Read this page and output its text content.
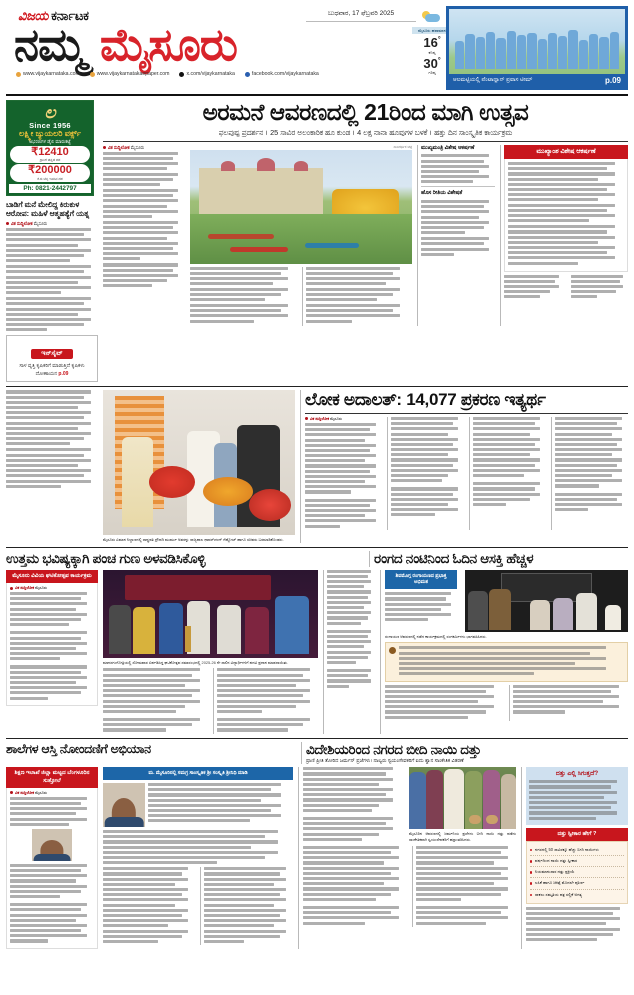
ವಿಜಯ ಕರ್ನಾಟಕ
ನಮ್ಮ ಮೈಸೂರು
www.vijaykarnataka.com	www.vijaykarnatakaepaper.com	x.com/vijaykarnataka	facebook.com/vijaykarnataka
ಬುಧವಾರ, 17 ಫೆಬ್ರವರಿ 2025
ಮೈಸೂರು ಹವಾಮಾನ
16°
ಕನಿಷ್ಠ
30°
ಗರಿಷ್ಠ
ಆಲಮಟ್ಟಿಯಲ್ಲಿ ಪೆಂಟಾಥ್ಲಾನ್ ಪ್ರವಾಸ ಟೀಮ್	p.09
ಲ
Since 1956
ಲಕ್ಷ್ಮೀ ಜ್ಯುಯಲರಿ ವರ್ಕ್ಸ್
ಅಭರಣಗಳ ಡೈಲಿ ಮಾರುಕಟ್ಟೆ
₹12410
ಗ್ರಾಂಗೆ ಚಿನ್ನದ ದರ
₹200000
ಕೆ.ಜಿ ಬೆಳ್ಳಿ ಇಂದಿನ ದರ
Ph: 0821-2442797
ಬಾಡಿಗೆ ಮನೆ ಮೇಲಿದ್ದ ಕಿರುಕುಳ ಆರೋಪ: ಮಹಿಳೆ ಆತ್ಮಹತ್ಯೆಗೆ ಯತ್ನ
ವಿಕ ಸುದ್ದಿಲೋಕ ಮೈಸೂರು
ಇನ್‌ಸೈಟ್
ಸಾಳ ವೃತ್ತಿ ಕೃಷಿಕರಿಗೆ ಮಾಡುತ್ತಿದೆ ಕೃಷಿಕಳು ದೋಣಾಯನ p.09
ಅರಮನೆ ಆವರಣದಲ್ಲಿ 21ರಿಂದ ಮಾಗಿ ಉತ್ಸವ
ಫಲಪುಷ್ಪ ಪ್ರದರ್ಶನ । 25 ಸಾವಿರ ಅಲಂಕಾರಿಕ ಹೂ ಕುಂಡ । 4 ಲಕ್ಷ ನಾನಾ ಹೂವುಗಳ ಬಳಕೆ । ಹತ್ತು ದಿನ ಸಾಂಸ್ಕೃತಿಕ ಕಾರ್ಯಕ್ರಮ
ವಿಕ ಸುದ್ದಿಲೋಕ ಮೈಸೂರು	ಸಾಂದರ್ಭಿಕ ಚಿತ್ರ ಮುಖ್ಯಮಂತ್ರಿ ವಿಶೇಷ ಆಕರ್ಷಣೆ
ಹೊಸ ರೀತಿಯ ವಿಶೇಷತೆ
ಮುಖ್ಯಾಂಶ ವಿಶೇಷ ಆಕರ್ಷಣೆ
ಮೈಸೂರು ವಿಮಾನ ನಿಲ್ದಾಣದಲ್ಲಿ ರಾಷ್ಟ್ರಪತಿ ದ್ರೌಪದಿ ಮುರ್ಮು ಅವರನ್ನು ರಾಜ್ಯಪಾಲ ಥಾವರ್‌ಚಂದ್ ಗೆಹ್ಲೋಟ್ ಹಾಗೂ ಸಚಿವರು ಬರಮಾಡಿಕೊಂಡರು.
ಲೋಕ ಅದಾಲತ್: 14,077 ಪ್ರಕರಣ ಇತ್ಯರ್ಥ
ವಿಕ ಸುದ್ದಿಲೋಕ ಮೈಸೂರು
ಉತ್ತಮ ಭವಿಷ್ಯಕ್ಕಾಗಿ ಪಂಚ ಗುಣ ಅಳವಡಿಸಿಕೊಳ್ಳಿ	ರಂಗದ ನಂಟಿನಿಂದ ಓದಿನ ಆಸಕ್ತಿ ಹೆಚ್ಚಳ
ಮೈಸೂರು ವಿವಿಯ ಘಟಿಕೋತ್ಸವ ಕಾರ್ಯಕ್ರಮ
ವಿಕ ಸುದ್ದಿಲೋಕ ಮೈಸೂರು
ಮಾನಸಗಂಗೋತ್ರಿಯಲ್ಲಿ ಸೋಮವಾರ ಏರ್ಪಡಿಸಿದ್ದ ಘಟಿಕೋತ್ಸವ ಸಮಾರಂಭದಲ್ಲಿ 2025-26 ನೇ ಸಾಲಿನ ವಿದ್ಯಾರ್ಥಿಗಳಿಗೆ ಪದವಿ ಪ್ರದಾನ ಮಾಡಲಾಯಿತು.
ಶಿವಮೊಗ್ಗ ರಂಗಾಯಣದ ಪ್ರಭಾಕ್ತ ಅಭಿಮತ
ರಂಗಾಯಣ ಆವರಣದಲ್ಲಿ ನಡೆದ ಕಾರ್ಯಕ್ರಮದಲ್ಲಿ ರಂಗಕರ್ಮಿಗಳು ಭಾಗವಹಿಸಿದರು.
ಶಾಲೆಗಳ ಆಸ್ತಿ ನೋಂದಣಿಗೆ ಅಭಿಯಾನ	ವಿದೇಶಿಯರಿಂದ ನಗರದ ಬೀದಿ ನಾಯಿ ದತ್ತು
ಪ್ರಾಣಿ ಪ್ರೀತಿ ತೋರಿದ ಜರ್ಮನ್ ಪ್ರಜೆಗಳು। ನಾಲ್ವರು ಸ್ವಯಂಸೇವಕರಿಗೆ ಐದು ಶ್ವಾನ ಸಾಂಕೇತಿಕ ವಿತರಣೆ
ಶಿಕ್ಷಣ ಇಲಾಖೆ ಜಿಲ್ಲಾ ಮಟ್ಟದ ಬೆಂಗಳೂರಿನ ಸುತ್ತೋಲೆ
ವಿಕ ಸುದ್ದಿಲೋಕ ಮೈಸೂರು
ಮ. ಮೈಸೂರಿನಲ್ಲಿ ಸಮಗ್ರ ಸಾಂಸ್ಕೃತಿಕ ಶ್ರೀ ಸಂಸ್ಕೃತಿ ಶ್ರೀನಿಧಿ ಮಾಡಿ
ಮೈಸೂರಿನ ಆವರಣದಲ್ಲಿ ಜರ್ಮನಿಯ ಪ್ರಜೆಗಳು ಬೀದಿ ನಾಯಿ ದತ್ತು ಪಡೆದು ಸಾಂಕೇತಿಕವಾಗಿ ಸ್ವಯಂಸೇವಕರಿಗೆ ಹಸ್ತಾಂತರಿಸಿದರು.
ದತ್ತು ಎಲ್ಲಿ ಸಿಗುತ್ತದೆ?
ದತ್ತು ಸ್ವೀಕಾರ ಹೇಗೆ ?
ನಗರದಲ್ಲಿ 50 ಸಾವಿರಕ್ಕೂ ಹೆಚ್ಚು ಬೀದಿ ನಾಯಿಗಳು
ವರ್ಷದಿಂದ ನಾಯಿ ದತ್ತು ಸ್ವೀಕಾರ
ನಿಯಮಾನುಸಾರ ದತ್ತು ಪ್ರಕ್ರಿಯೆ
ಲಸಿಕೆ ಹಾಗೂ ಚಿಕಿತ್ಸೆ ಮೊದಲೇ ಪೂರ್ಣ
ಸಾಕಲು ಸಮ್ಮತಿಯ ಪತ್ರ ಸಲ್ಲಿಕೆ ಅಗತ್ಯ
